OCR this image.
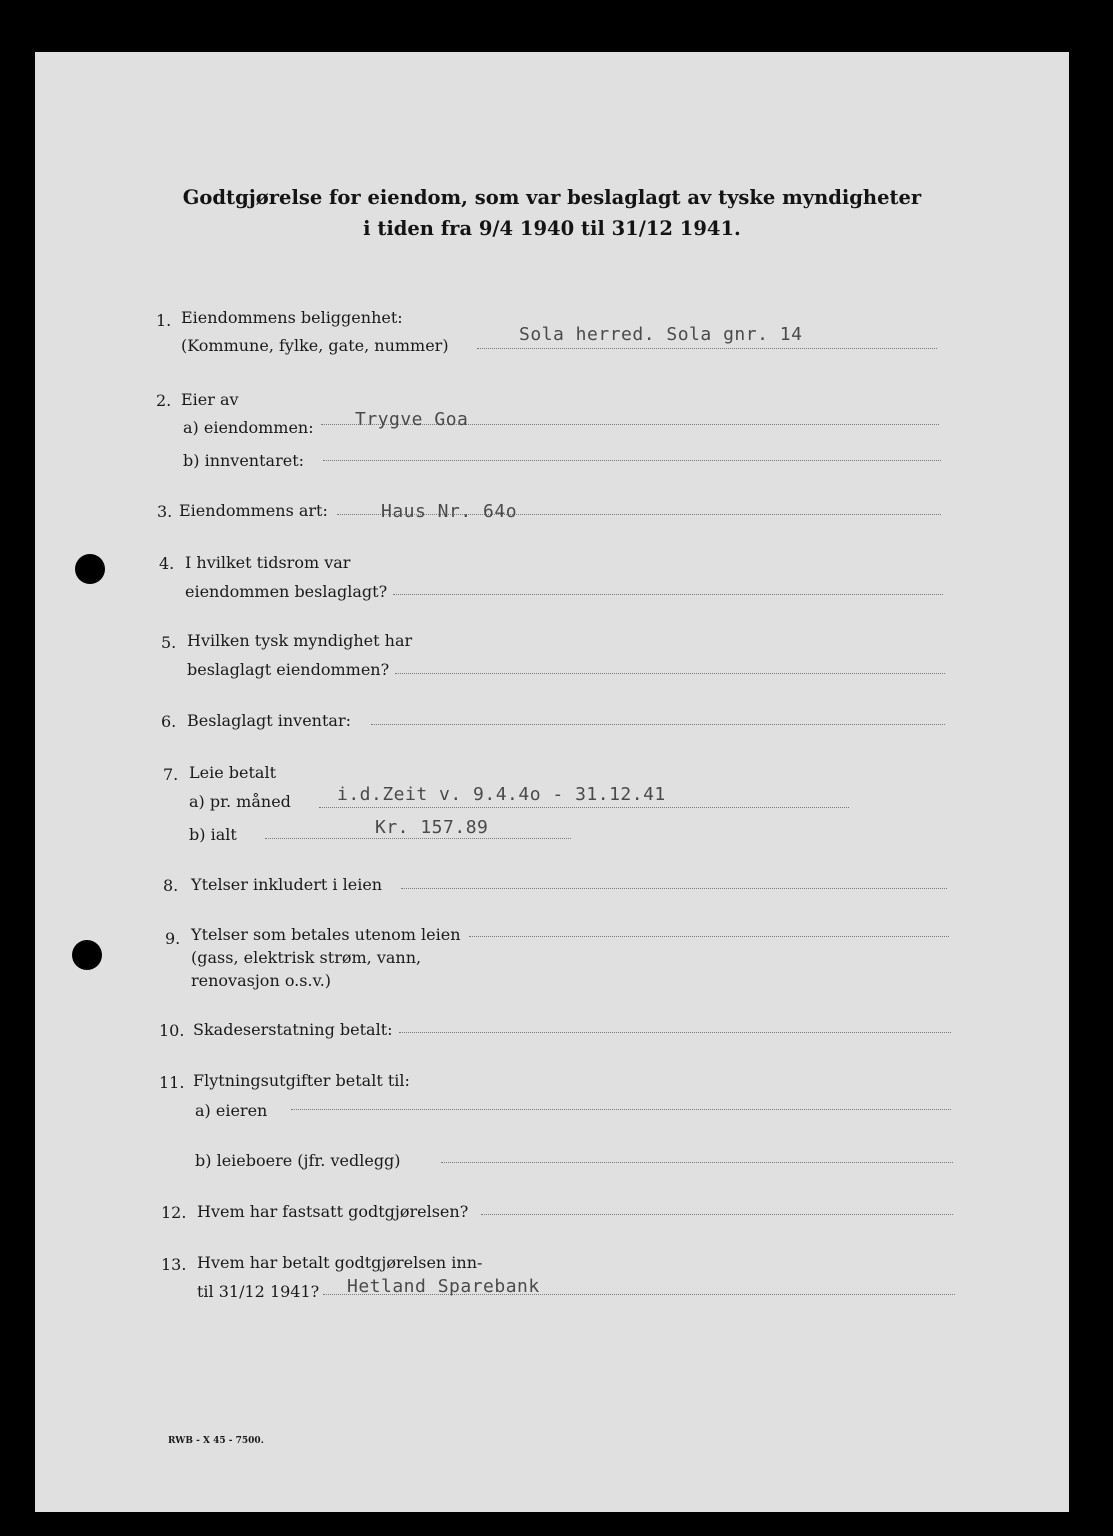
Godtgjørelse for eiendom, som var beslaglagt av tyske myndigheter
i tiden fra 9/4 1940 til 31/12 1941.
1. Eiendommens beliggenhet:
(Kommune, fylke, gate, nummer)
Sola herred. Sola gnr. 14
2. Eier av
a) eiendommen: Trygve Goa
b) innventaret:
3. Eiendommens art:	Haus Nr. 64o
4. I hvilket tidsrom var
eiendommen beslaglagt?
5. Hvilken tysk myndighet har
beslaglagt eiendommen?
6. Beslaglagt inventar:
7. Leie betalt
a) pr. måned	i.d.Zeit v. 9.4.4o - 31.12.41
b) ialt	Kr. 157.89
8. Ytelser inkludert i leien
9. Ytelser som betales utenom leien
(gass, elektrisk strøm, vann,
renovasjon o.s.v.)
10. Skadeserstatning betalt:
11. Flytningsutgifter betalt til:
a) eieren
b) leieboere (jfr. vedlegg)
12. Hvem har fastsatt godtgjørelsen?
13. Hvem har betalt godtgjørelsen inn-
til 31/12 1941? Hetland Sparebank
RWB - X 45 - 7500.
